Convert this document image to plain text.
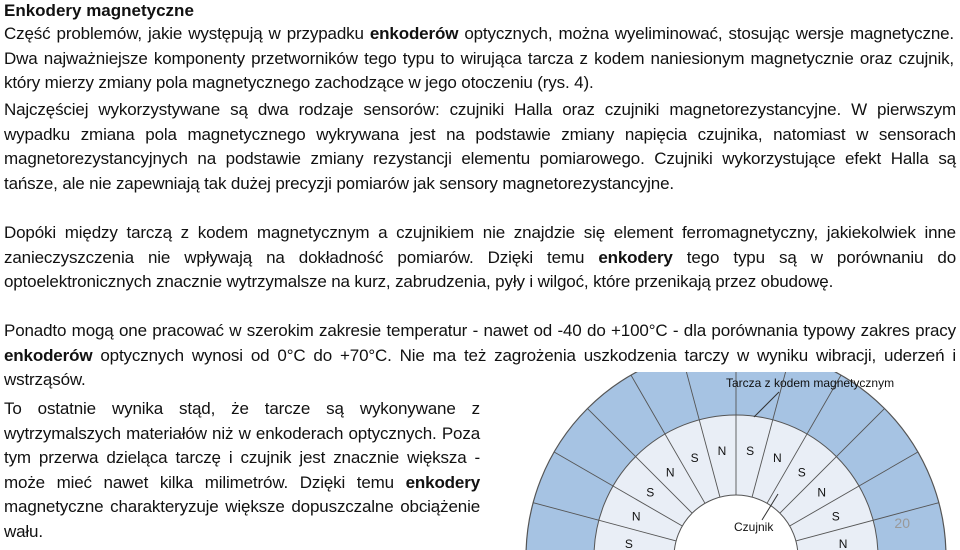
Enkodery magnetyczne

Część problemów, jakie występują w przypadku enkoderów optycznych, można wyeliminować, stosując wersje magnetyczne. Dwa najważniejsze komponenty przetworników tego typu to wirująca tarcza z kodem naniesionym magnetycznie oraz czujnik, który mierzy zmiany pola magnetycznego zachodzące w jego otoczeniu (rys. 4).

Najczęściej wykorzystywane są dwa rodzaje sensorów: czujniki Halla oraz czujniki magnetorezystancyjne. W pierwszym wypadku zmiana pola magnetycznego wykrywana jest na podstawie zmiany napięcia czujnika, natomiast w sensorach magnetorezystancyjnych na podstawie zmiany rezystancji elementu pomiarowego. Czujniki wykorzystujące efekt Halla są tańsze, ale nie zapewniają tak dużej precyzji pomiarów jak sensory magnetorezystancyjne.

Dopóki między tarczą z kodem magnetycznym a czujnikiem nie znajdzie się element ferromagnetyczny, jakiekolwiek inne zanieczyszczenia nie wpływają na dokładność pomiarów. Dzięki temu enkodery tego typu są w porównaniu do optoelektronicznych znacznie wytrzymalsze na kurz, zabrudzenia, pyły i wilgoć, które przenikają przez obudowę.

Ponadto mogą one pracować w szerokim zakresie temperatur - nawet od -40 do +100°C - dla porównania typowy zakres pracy enkoderów optycznych wynosi od 0°C do +70°C. Nie ma też zagrożenia uszkodzenia tarczy w wyniku wibracji, uderzeń i wstrząsów.

To ostatnie wynika stąd, że tarcze są wykonywane z wytrzymalszych materiałów niż w enkoderach optycznych. Poza tym przerwa dzieląca tarczę i czujnik jest znacznie większa - może mieć nawet kilka milimetrów. Dzięki temu enkodery magnetyczne charakteryzuje większe dopuszczalne obciążenie wału.

S
N
S
N
S
N S
N
S
N
S
N
Tarcza z kodem magnetycznym
Czujnik	20
